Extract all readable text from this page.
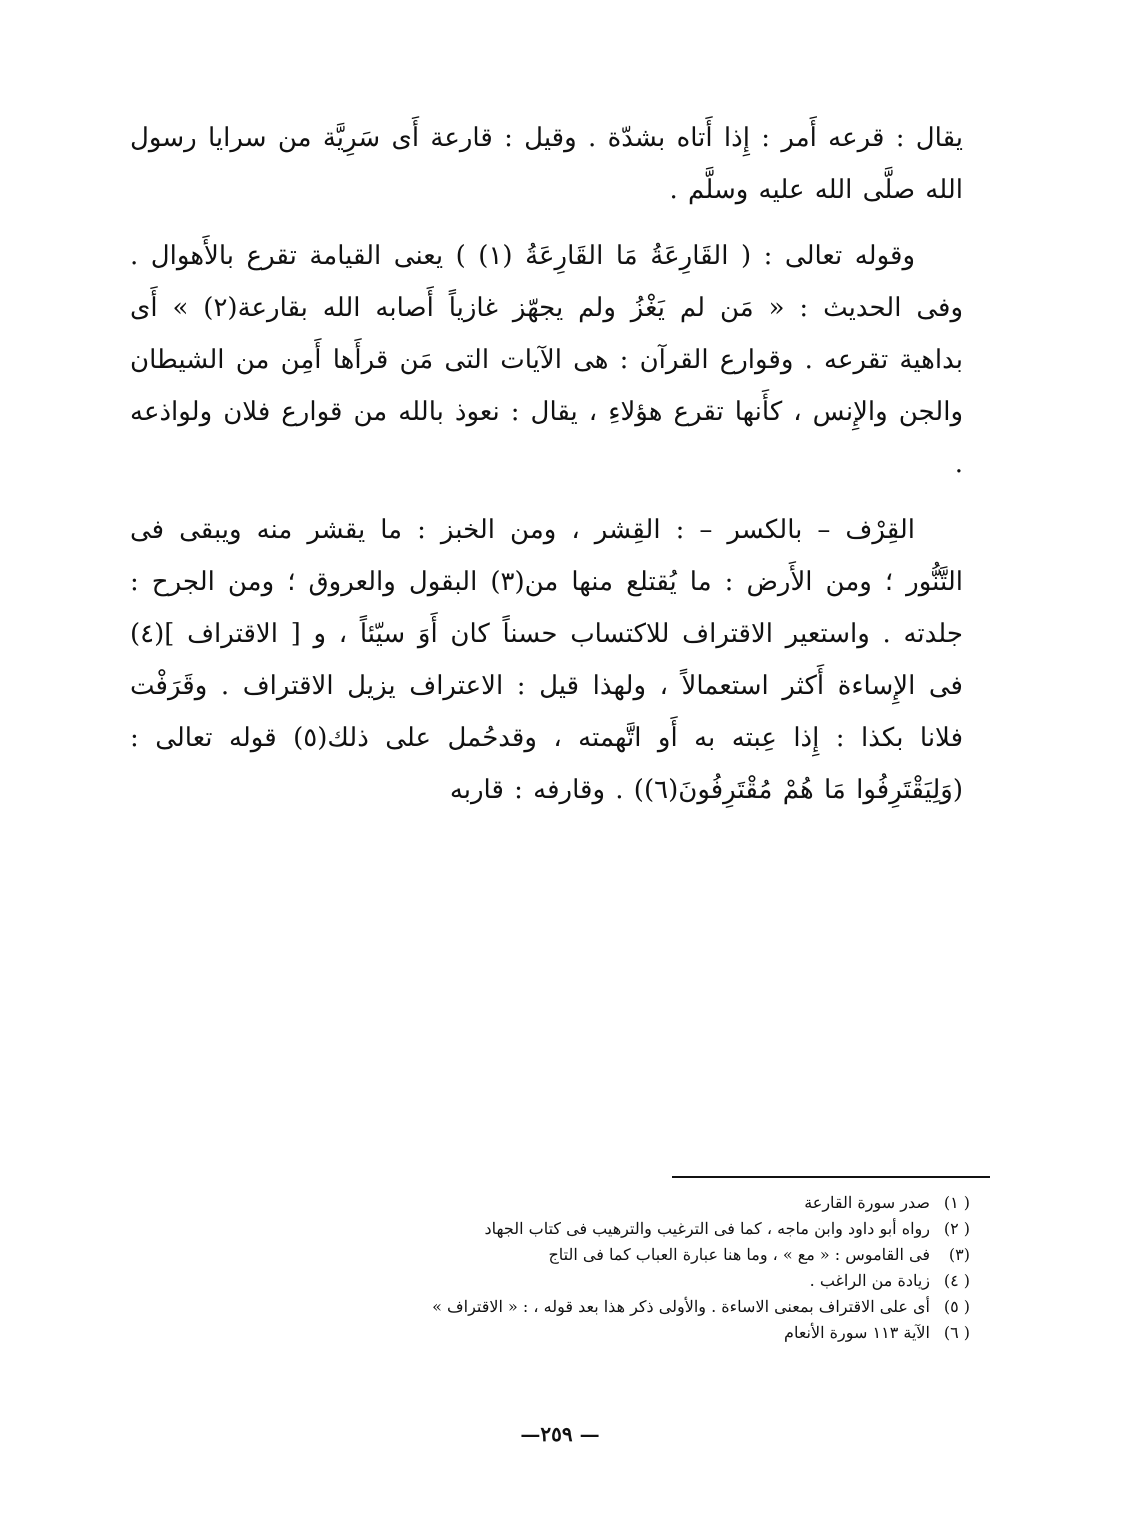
يقال : قرعه أَمر : إِذا أَتاه بشدّة . وقيل : قارعة أَى سَرِيَّة من سرايا رسول الله صلَّى الله عليه وسلَّم .

وقوله تعالى : ( القَارِعَةُ مَا القَارِعَةُ (١) ) يعنى القيامة تقرع بالأَهوال . وفى الحديث : « مَن لم يَغْزُ ولم يجهّز غازياً أَصابه الله بقارعة(٢) » أَى بداهية تقرعه . وقوارع القرآن : هى الآيات التى مَن قرأَها أَمِن من الشيطان والجن والإِنس ، كأَنها تقرع هؤلاءِ ، يقال : نعوذ بالله من قوارع فلان ولواذعه .

القِرْف – بالكسر – : القِشر ، ومن الخبز : ما يقشر منه ويبقى فى التَّنُّور ؛ ومن الأَرض : ما يُقتلع منها من(٣) البقول والعروق ؛ ومن الجرح : جلدته . واستعير الاقتراف للاكتساب حسناً كان أَوَ سيّئاً ، و [ الاقتراف ](٤) فى الإِساءة أَكثر استعمالاً ، ولهذا قيل : الاعتراف يزيل الاقتراف . وقَرَفْت فلانا بكذا : إِذا عِبته به أَو اتَّهمته ، وقدحُمل على ذلك(٥) قوله تعالى : (وَلِيَقْتَرِفُوا مَا هُمْ مُقْتَرِفُونَ(٦)) . وقارفه : قاربه

( ١)
صدر سورة القارعة
( ٢)
رواه أبو داود وابن ماجه ، كما فى الترغيب والترهيب فى كتاب الجهاد
(٣)
فى القاموس : « مع » ، وما هنا عبارة العباب كما فى التاج
( ٤)
زيادة من الراغب .
( ٥)
أى على الاقتراف بمعنى الاساءة . والأولى ذكر هذا بعد قوله ، : « الاقتراف »
( ٦)
الآية ١١٣ سورة الأنعام
— ٢٥٩—
